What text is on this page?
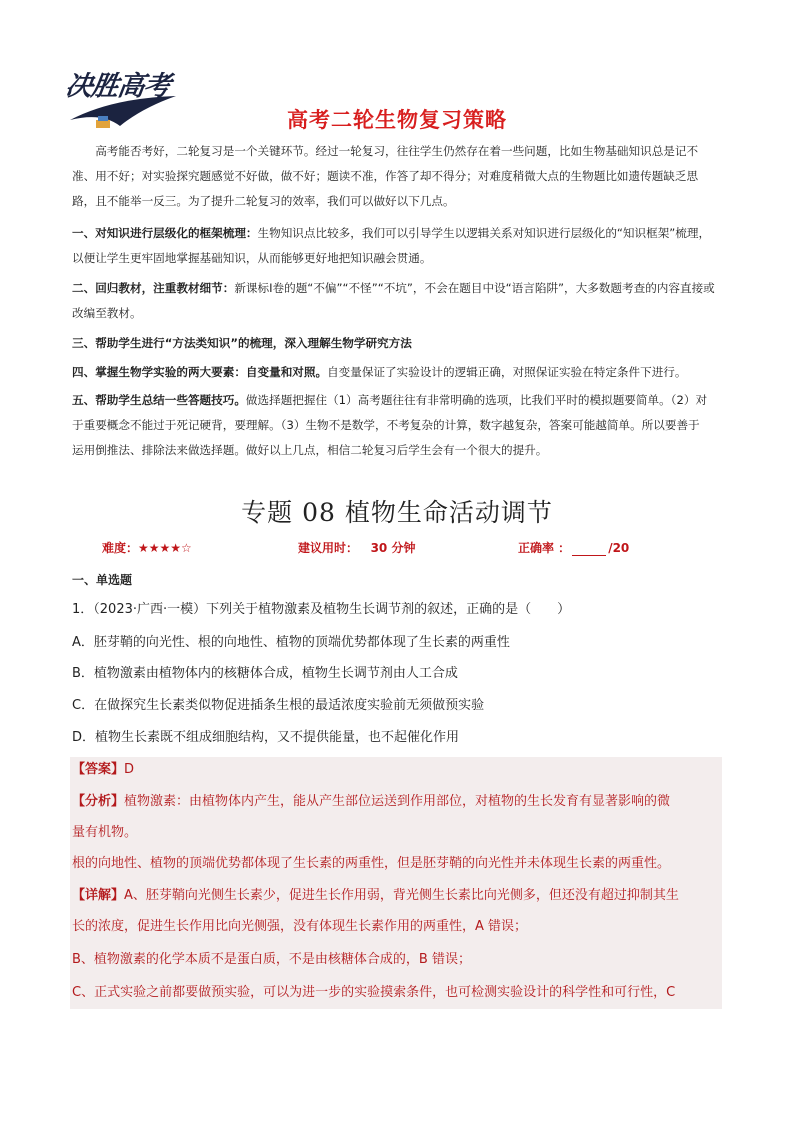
决胜高考
高考二轮生物复习策略
高考能否考好，二轮复习是一个关键环节。经过一轮复习，往往学生仍然存在着一些问题，比如生物基础知识总是记不
准、用不好；对实验探究题感觉不好做，做不好；题读不准，作答了却不得分；对难度稍微大点的生物题比如遗传题缺乏思
路，且不能举一反三。为了提升二轮复习的效率，我们可以做好以下几点。
一、对知识进行层级化的框架梳理：生物知识点比较多，我们可以引导学生以逻辑关系对知识进行层级化的“知识框架”梳理，
以便让学生更牢固地掌握基础知识，从而能够更好地把知识融会贯通。
二、回归教材，注重教材细节：新课标Ⅰ卷的题“不偏”“不怪”“不坑”，不会在题目中设“语言陷阱”，大多数题考查的内容直接或
改编至教材。
三、帮助学生进行“方法类知识”的梳理，深入理解生物学研究方法
四、掌握生物学实验的两大要素：自变量和对照。自变量保证了实验设计的逻辑正确，对照保证实验在特定条件下进行。
五、帮助学生总结一些答题技巧。做选择题把握住（1）高考题往往有非常明确的选项，比我们平时的模拟题要简单。（2）对
于重要概念不能过于死记硬背，要理解。（3）生物不是数学，不考复杂的计算，数字越复杂，答案可能越简单。所以要善于
运用倒推法、排除法来做选择题。做好以上几点，相信二轮复习后学生会有一个很大的提升。
专题 08 植物生命活动调节
难度：★★★★☆	建议用时： 30 分钟	正确率 ：	/20
一、单选题
1．（2023·广西·一模）下列关于植物激素及植物生长调节剂的叙述，正确的是（　　）
A．胚芽鞘的向光性、根的向地性、植物的顶端优势都体现了生长素的两重性
B．植物激素由植物体内的核糖体合成，植物生长调节剂由人工合成
C．在做探究生长素类似物促进插条生根的最适浓度实验前无须做预实验
D．植物生长素既不组成细胞结构，又不提供能量，也不起催化作用
【答案】D
【分析】植物激素：由植物体内产生，能从产生部位运送到作用部位，对植物的生长发育有显著影响的微
量有机物。
根的向地性、植物的顶端优势都体现了生长素的两重性，但是胚芽鞘的向光性并未体现生长素的两重性。
【详解】A、胚芽鞘向光侧生长素少，促进生长作用弱，背光侧生长素比向光侧多，但还没有超过抑制其生
长的浓度，促进生长作用比向光侧强，没有体现生长素作用的两重性，A 错误；
B、植物激素的化学本质不是蛋白质，不是由核糖体合成的，B 错误；
C、正式实验之前都要做预实验，可以为进一步的实验摸索条件，也可检测实验设计的科学性和可行性，C
